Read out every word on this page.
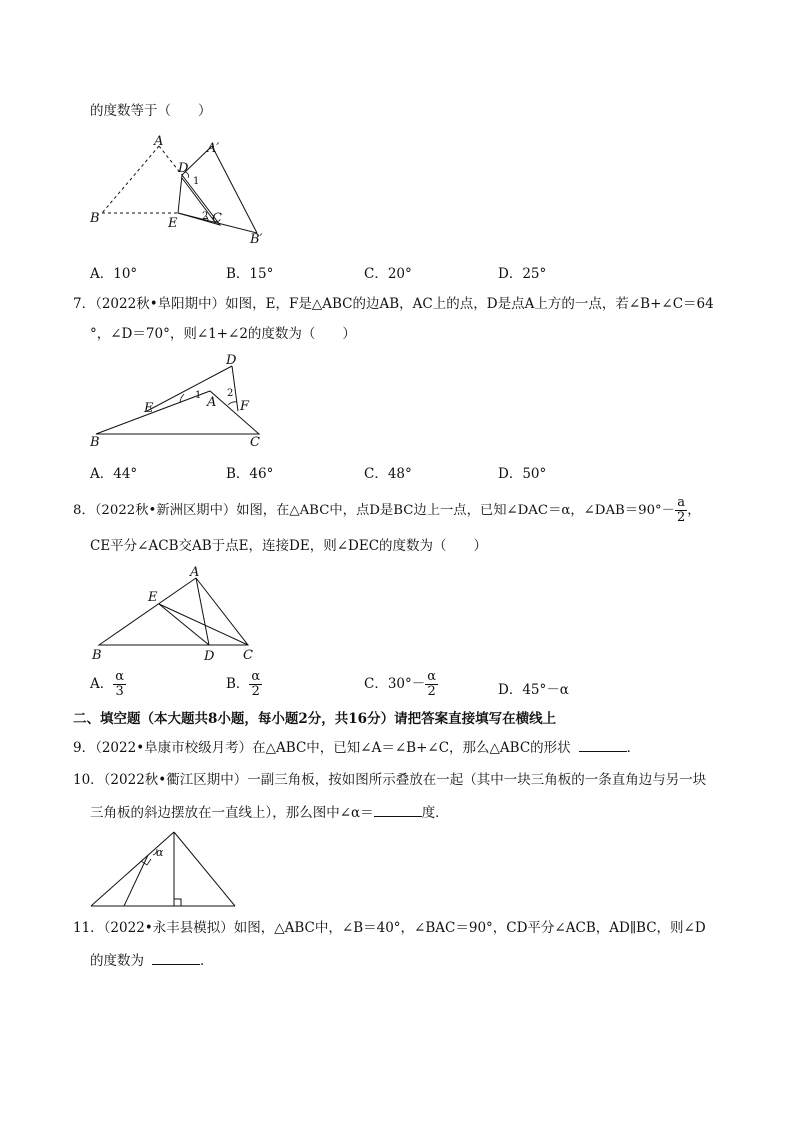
的度数等于（　　）
A	A′
D
1
B	E 2 C
B′
A．10°	B．15°	C．20°	D．25°
7．（2022秋•阜阳期中）如图，E，F是△ABC的边AB，AC上的点，D是点A上方的一点，若∠B+∠C＝64
°，∠D＝70°，则∠1+∠2的度数为（　　）
D
1	2
E	A F
B	C
A．44°	B．46°	C．48°	D．50°
8．（2022秋•新洲区期中）如图，在△ABC中，点D是BC边上一点，已知∠DAC＝α，∠DAB＝90°－ $\frac{a}{2}$ ，
CE平分∠ACB交AB于点E，连接DE，则∠DEC的度数为（　　）
A
E
B	D C
A． $\frac{\alpha}{3}$	B． $\frac{\alpha}{2}$	C．$30^\circ- \frac{\alpha}{2}$	D．45°－α
二、填空题（本大题共8小题，每小题2分，共16分）请把答案直接填写在横线上
9．（2022•阜康市校级月考）在△ABC中，已知∠A＝∠B+∠C，那么△ABC的形状	．
10．（2022秋•衢江区期中）一副三角板，按如图所示叠放在一起（其中一块三角板的一条直角边与另一块
三角板的斜边摆放在一直线上），那么图中∠α＝	度．
α
11．（2022•永丰县模拟）如图，△ABC中，∠B＝40°，∠BAC＝90°，CD平分∠ACB，AD∥BC，则∠D
的度数为	．
